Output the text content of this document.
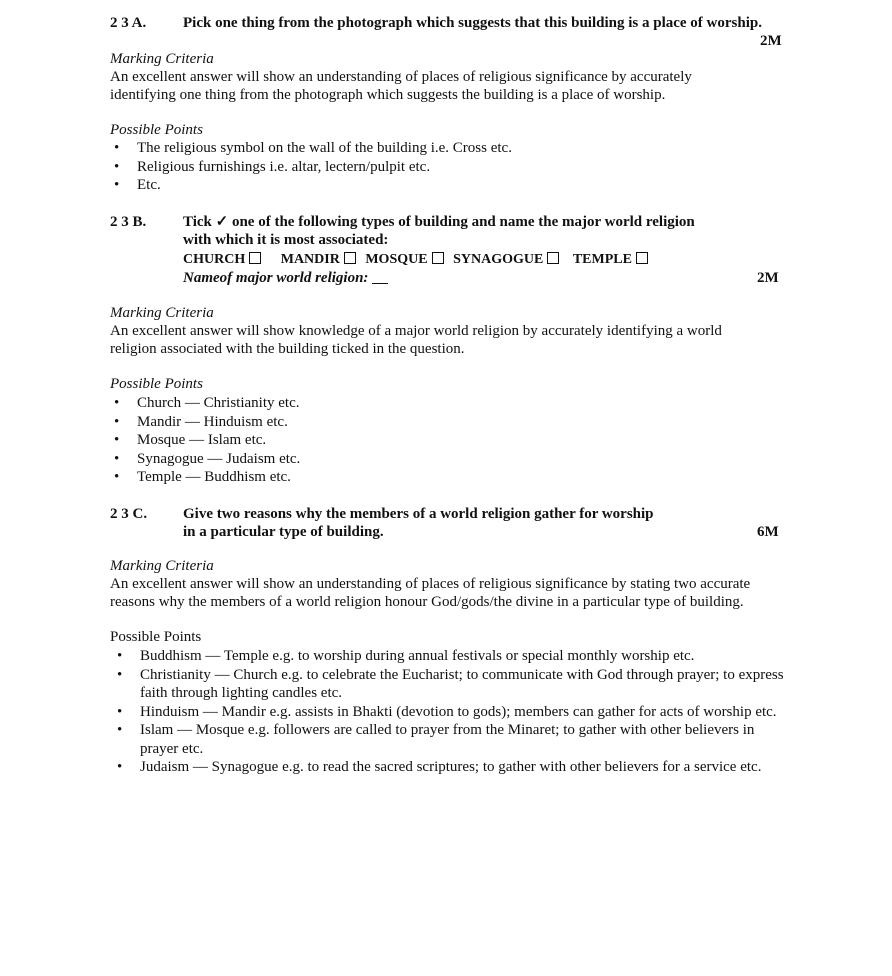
2 3 A. Pick one thing from the photograph which suggests that this building is a place of worship.
2M
Marking Criteria
An excellent answer will show an understanding of places of religious significance by accurately
identifying one thing from the photograph which suggests the building is a place of worship.
Possible Points
• The religious symbol on the wall of the building i.e. Cross etc.
• Religious furnishings i.e. altar, lectern/pulpit etc.
• Etc.
2 3 B. Tick ✓ one of the following types of building and name the major world religion
with which it is most associated:
CHURCH	MANDIR MOSQUE SYNAGOGUE TEMPLE
Nameof major world religion:	2M
Marking Criteria
An excellent answer will show knowledge of a major world religion by accurately identifying a world
religion associated with the building ticked in the question.
Possible Points
• Church — Christianity etc.
• Mandir — Hinduism etc.
• Mosque — Islam etc.
• Synagogue — Judaism etc.
• Temple — Buddhism etc.
2 3 C. Give two reasons why the members of a world religion gather for worship
in a particular type of building.	6M
Marking Criteria
An excellent answer will show an understanding of places of religious significance by stating two accurate
reasons why the members of a world religion honour God/gods/the divine in a particular type of building.
Possible Points
• Buddhism — Temple e.g. to worship during annual festivals or special monthly worship etc.
• Christianity — Church e.g. to celebrate the Eucharist; to communicate with God through prayer; to express faith through lighting candles etc.
• Hinduism — Mandir e.g. assists in Bhakti (devotion to gods); members can gather for acts of worship etc.
• Islam — Mosque e.g. followers are called to prayer from the Minaret; to gather with other believers in prayer etc.
• Judaism — Synagogue e.g. to read the sacred scriptures; to gather with other believers for a service etc.
